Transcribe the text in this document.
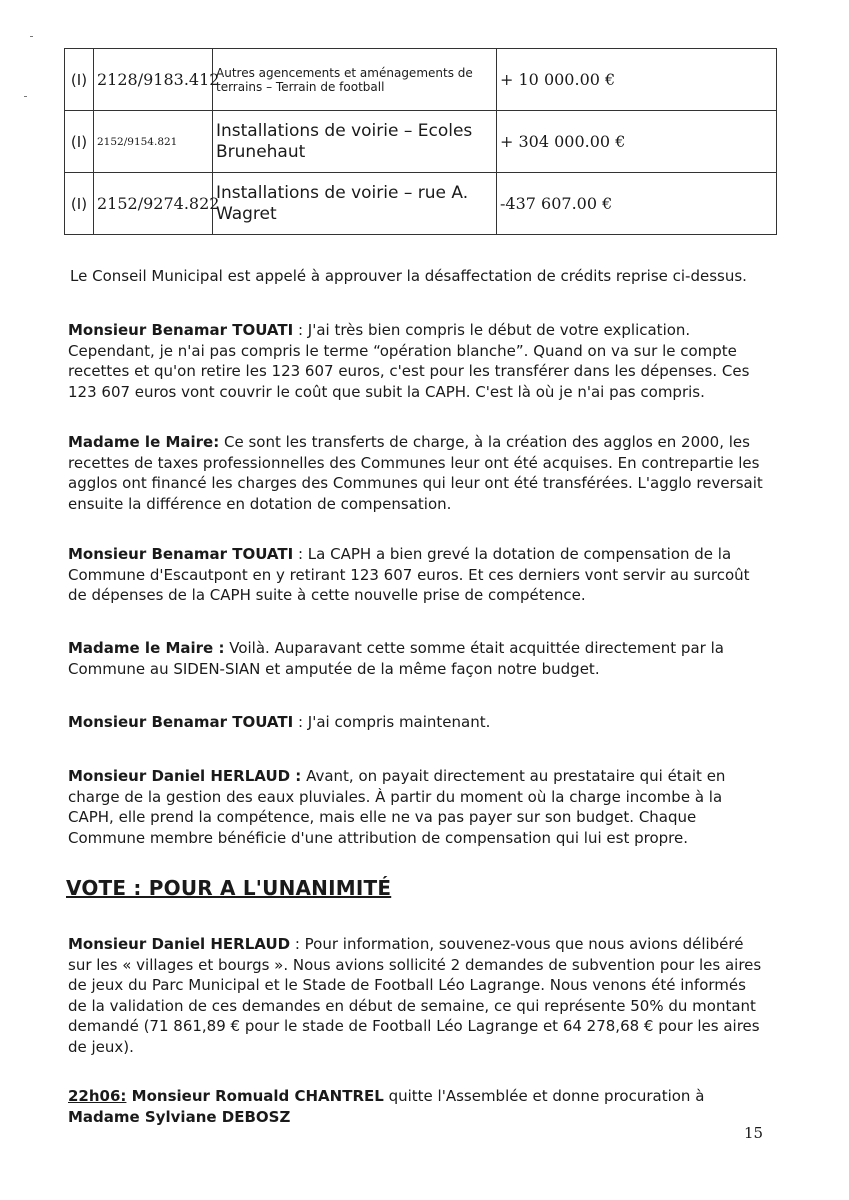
(I)	2128/9183.412	Autres agencements et aménagements de terrains – Terrain de football	+ 10 000.00 €
(I)	2152/9154.821	Installations de voirie – Ecoles Brunehaut	+ 304 000.00 €
(I)	2152/9274.822	Installations de voirie – rue A. Wagret	-437 607.00 €

Le Conseil Municipal est appelé à approuver la désaffectation de crédits reprise ci-dessus.

Monsieur Benamar TOUATI : J'ai très bien compris le début de votre explication. Cependant, je n'ai pas compris le terme “opération blanche”. Quand on va sur le compte recettes et qu'on retire les 123 607 euros, c'est pour les transférer dans les dépenses. Ces 123 607 euros vont couvrir le coût que subit la CAPH. C'est là où je n'ai pas compris.

Madame le Maire: Ce sont les transferts de charge, à la création des agglos en 2000, les recettes de taxes professionnelles des Communes leur ont été acquises. En contrepartie les agglos ont financé les charges des Communes qui leur ont été transférées. L'agglo reversait ensuite la différence en dotation de compensation.

Monsieur Benamar TOUATI : La CAPH a bien grevé la dotation de compensation de la Commune d'Escautpont en y retirant 123 607 euros. Et ces derniers vont servir au surcoût de dépenses de la CAPH suite à cette nouvelle prise de compétence.

Madame le Maire : Voilà. Auparavant cette somme était acquittée directement par la Commune au SIDEN-SIAN et amputée de la même façon notre budget.

Monsieur Benamar TOUATI : J'ai compris maintenant.

Monsieur Daniel HERLAUD : Avant, on payait directement au prestataire qui était en charge de la gestion des eaux pluviales. À partir du moment où la charge incombe à la CAPH, elle prend la compétence, mais elle ne va pas payer sur son budget. Chaque Commune membre bénéficie d'une attribution de compensation qui lui est propre.

VOTE : POUR A L'UNANIMITÉ

Monsieur Daniel HERLAUD : Pour information, souvenez-vous que nous avions délibéré sur les « villages et bourgs ». Nous avions sollicité 2 demandes de subvention pour les aires de jeux du Parc Municipal et le Stade de Football Léo Lagrange. Nous venons été informés de la validation de ces demandes en début de semaine, ce qui représente 50% du montant demandé (71 861,89 € pour le stade de Football Léo Lagrange et 64 278,68 € pour les aires de jeux).

22h06: Monsieur Romuald CHANTREL quitte l'Assemblée et donne procuration à Madame Sylviane DEBOSZ

15
